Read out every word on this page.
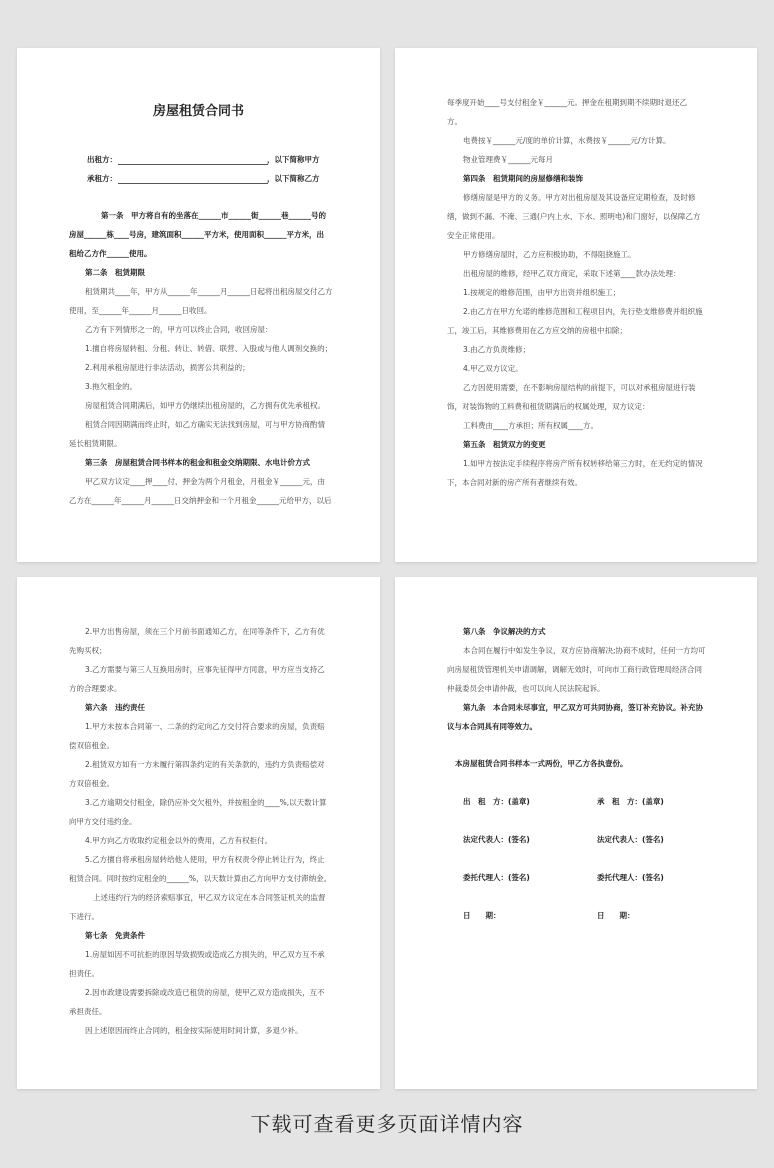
房屋租赁合同书
出租方：	，以下简称甲方
承租方：	，以下简称乙方
第一条　甲方将自有的坐落在______市______街______巷______号的
房屋______栋____号房，建筑面积______平方米，使用面积______平方米，出
租给乙方作______使用。
第二条　租赁期限
租赁期共____年，甲方从______年______月______日起将出租房屋交付乙方
使用，至______年______月______日收回。
乙方有下列情形之一的，甲方可以终止合同，收回房屋：
1.擅自将房屋转租、分租、转让、转借、联营、入股或与他人调剂交换的；
2.利用承租房屋进行非法活动，损害公共利益的；
3.拖欠租金的。
房屋租赁合同期满后，如甲方仍继续出租房屋的，乙方拥有优先承租权。
租赁合同因期满而终止时，如乙方确实无法找到房屋，可与甲方协商酌情
延长租赁期限。
第三条　房屋租赁合同书样本的租金和租金交纳期限、水电计价方式
甲乙双方议定____押____付，押金为两个月租金，月租金￥______元，由
乙方在______年______月______日交纳押金和一个月租金______元给甲方，以后
每季度开始____号支付租金￥______元。押金在租期到期不续期时退还乙
方。
电费按￥______元/度的单价计算，水费按￥______元/方计算。
物业管理费￥______元每月
第四条　租赁期间的房屋修缮和装饰
修缮房屋是甲方的义务。甲方对出租房屋及其设备应定期检查，及时修
缮，做到不漏、不淹、三通(户内上水、下水、照明电)和门窗好，以保障乙方
安全正常使用。
甲方修缮房屋时，乙方应积极协助，不得阻挠施工。
出租房屋的维修，经甲乙双方商定，采取下述第____款办法处理：
1.按规定的维修范围，由甲方出资并组织施工；
2.由乙方在甲方允诺的维修范围和工程项目内，先行垫支维修费并组织施
工，竣工后，其维修费用在乙方应交纳的房租中扣除；
3.由乙方负责维修；
4.甲乙双方议定。
乙方因使用需要，在不影响房屋结构的前提下，可以对承租房屋进行装
饰，对装饰物的工料费和租赁期满后的权属处理，双方议定：
工料费由____方承担；所有权属____方。
第五条　租赁双方的变更
1.如甲方按法定手续程序将房产所有权转移给第三方时，在无约定的情况
下，本合同对新的房产所有者继续有效。
2.甲方出售房屋，须在三个月前书面通知乙方，在同等条件下，乙方有优
先购买权；
3.乙方需要与第三人互换用房时，应事先征得甲方同意，甲方应当支持乙
方的合理要求。
第六条　违约责任
1.甲方未按本合同第一、二条的约定向乙方交付符合要求的房屋，负责赔
偿双倍租金。
2.租赁双方如有一方未履行第四条约定的有关条款的，违约方负责赔偿对
方双倍租金。
3.乙方逾期交付租金，除仍应补交欠租外，并按租金的____%,以天数计算
向甲方交付违约金。
4.甲方向乙方收取约定租金以外的费用，乙方有权拒付。
5.乙方擅自将承租房屋转给他人使用，甲方有权责令停止转让行为，终止
租赁合同。同时按约定租金的______%，以天数计算由乙方向甲方支付滞纳金。
上述违约行为的经济索赔事宜，甲乙双方议定在本合同签证机关的监督
下进行。
第七条　免责条件
1.房屋如因不可抗拒的原因导致损毁或造成乙方损失的，甲乙双方互不承
担责任。
2.因市政建设需要拆除或改造已租赁的房屋，使甲乙双方造成损失，互不
承担责任。
因上述原因而终止合同的，租金按实际使用时间计算，多退少补。
第八条　争议解决的方式
本合同在履行中如发生争议，双方应协商解决;协商不成时，任何一方均可
向房屋租赁管理机关申请调解，调解无效时，可向市工商行政管理局经济合同
仲裁委员会申请仲裁，也可以向人民法院起诉。
第九条　本合同未尽事宜，甲乙双方可共同协商，签订补充协议。补充协
议与本合同具有同等效力。
本房屋租赁合同书样本一式两份，甲乙方各执壹份。
出　租　方：(盖章)	承　租　方：(盖章)
法定代表人：(签名)	法定代表人：(签名)
委托代理人：(签名)	委托代理人：(签名)
日　　期：	日　　期：
下载可查看更多页面详情内容
